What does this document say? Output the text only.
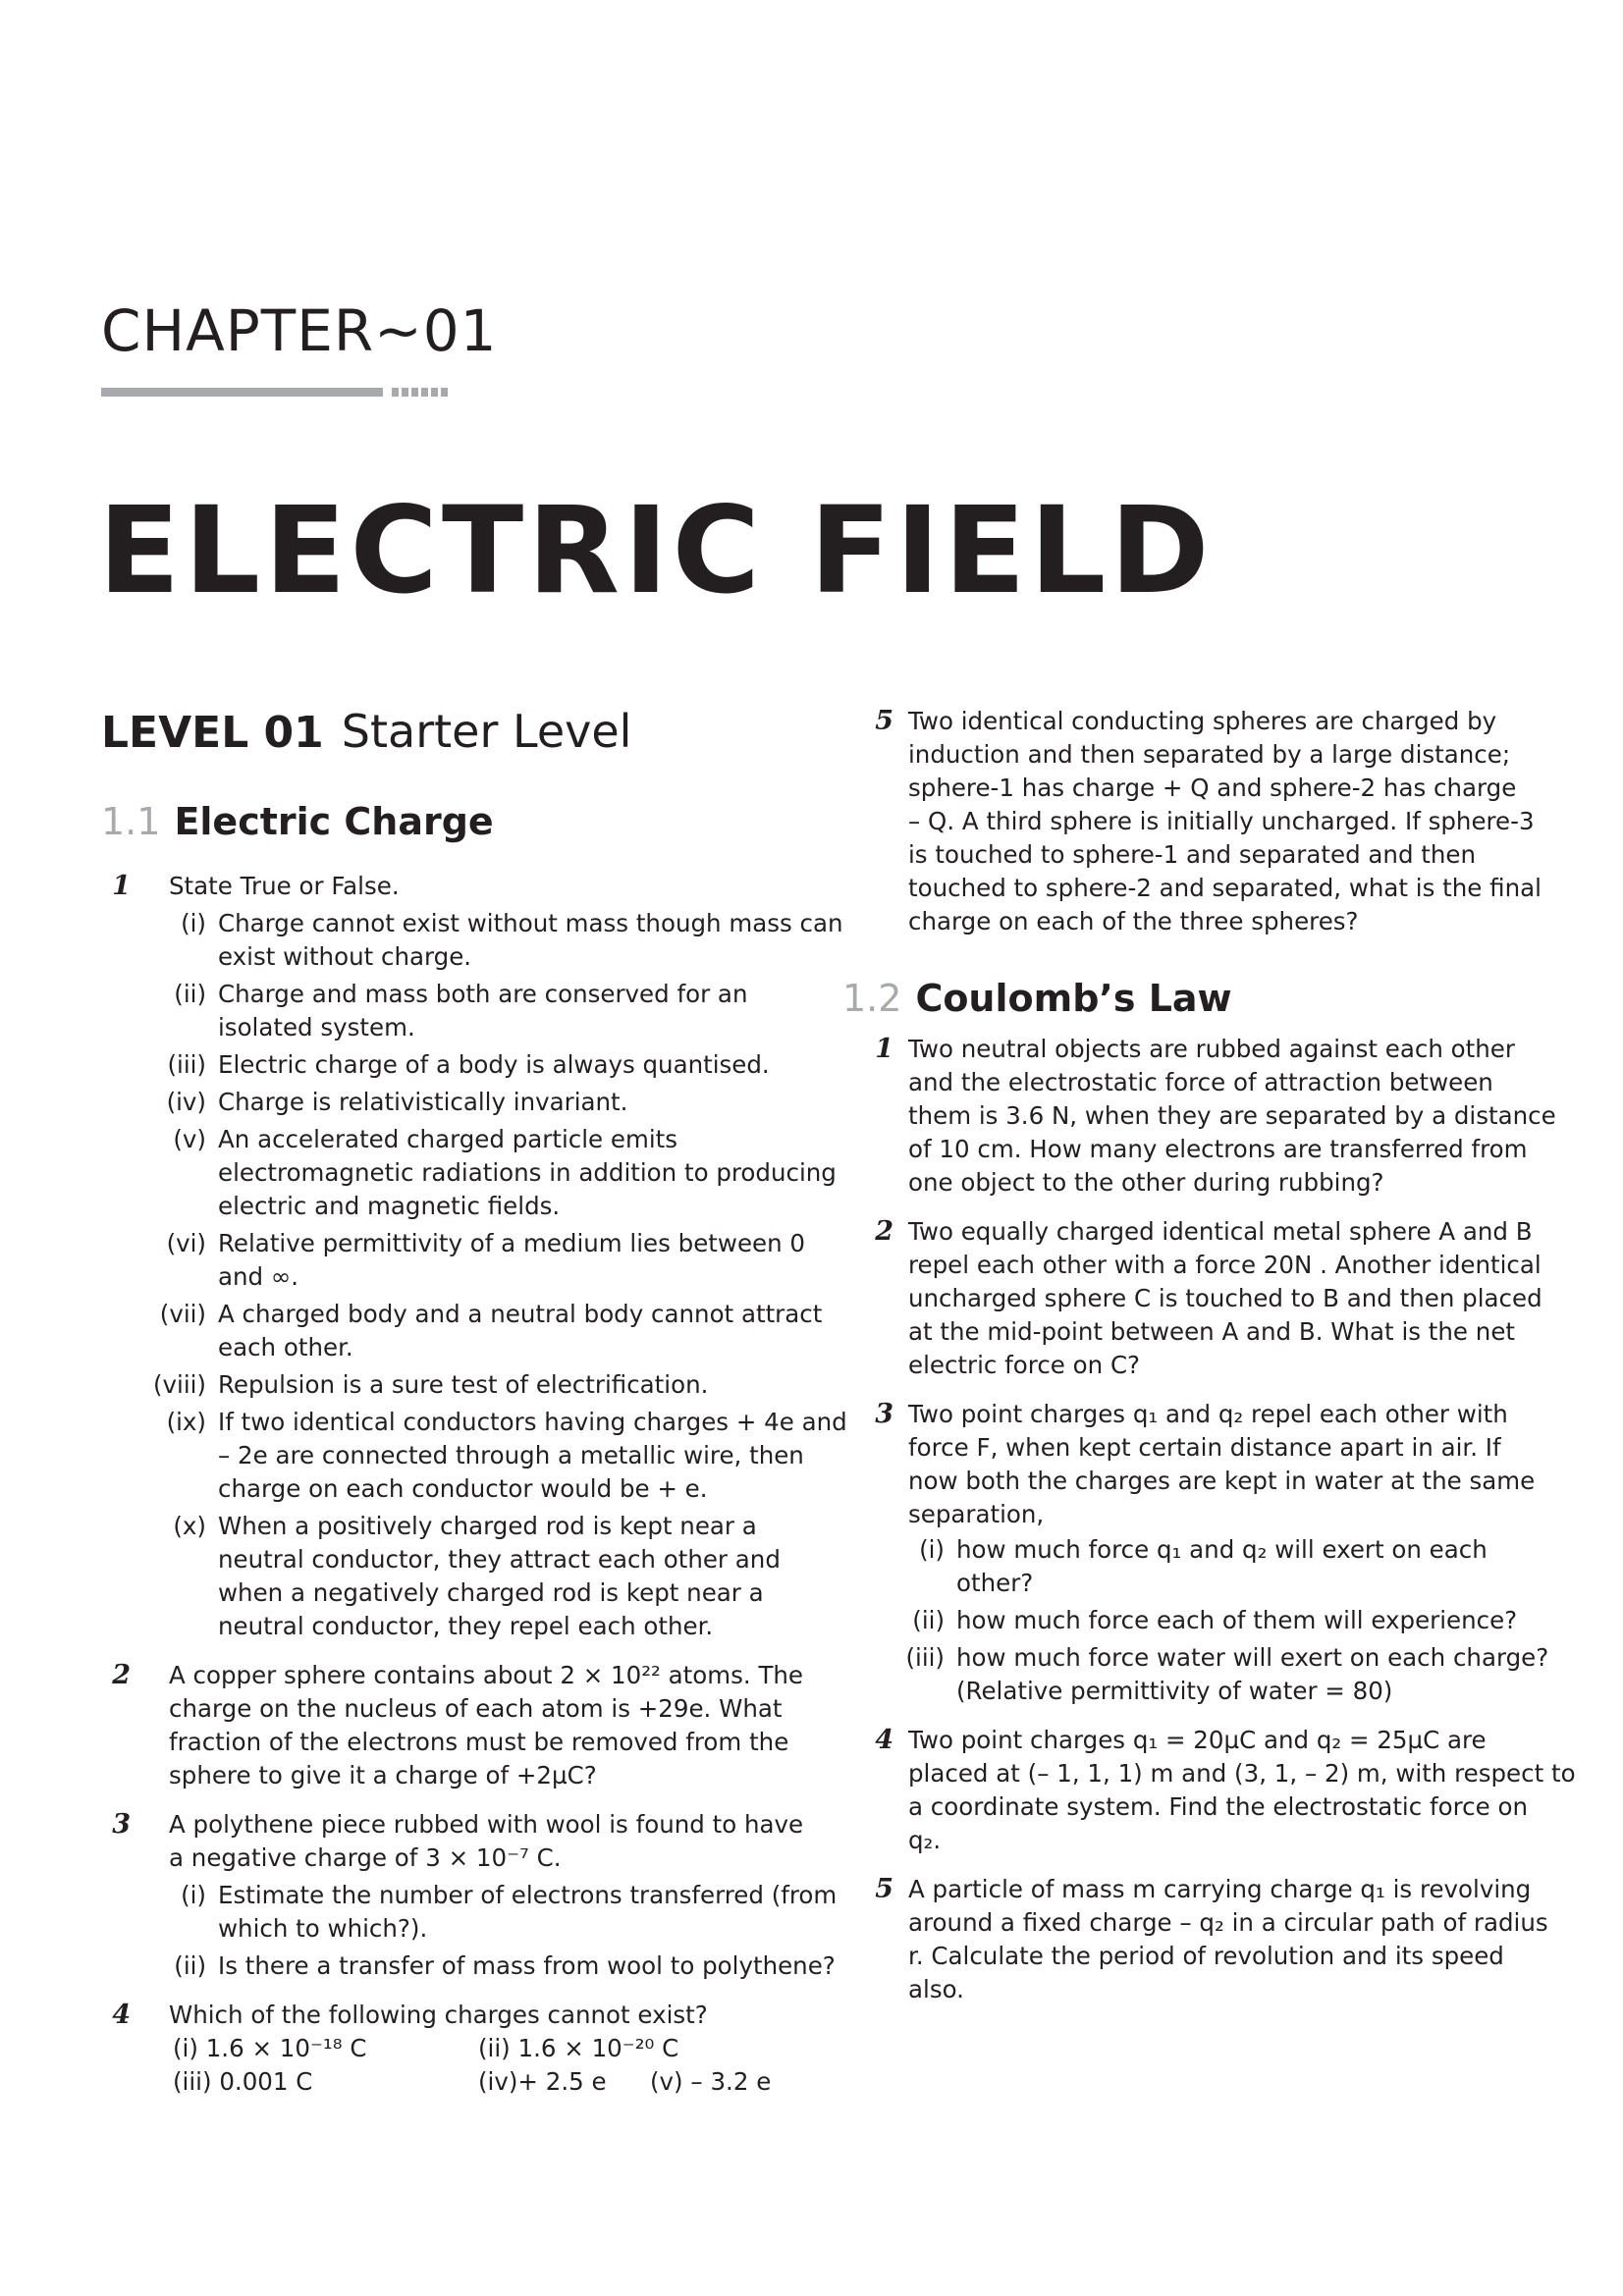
CHAPTER~01
ELECTRIC FIELD
LEVEL 01 Starter Level
1.1 Electric Charge
1 State True or False.
(i) Charge cannot exist without mass though mass can
exist without charge.
(ii) Charge and mass both are conserved for an
isolated system.
(iii) Electric charge of a body is always quantised.
(iv) Charge is relativistically invariant.
(v) An accelerated charged particle emits
electromagnetic radiations in addition to producing
electric and magnetic fields.
(vi) Relative permittivity of a medium lies between 0
and ∞.
(vii) A charged body and a neutral body cannot attract
each other.
(viii) Repulsion is a sure test of electrification.
(ix) If two identical conductors having charges + 4e and
– 2e are connected through a metallic wire, then
charge on each conductor would be + e.
(x) When a positively charged rod is kept near a
neutral conductor, they attract each other and
when a negatively charged rod is kept near a
neutral conductor, they repel each other.
2 A copper sphere contains about 2 × 10²² atoms. The
charge on the nucleus of each atom is +29e. What
fraction of the electrons must be removed from the
sphere to give it a charge of +2µC?
3 A polythene piece rubbed with wool is found to have
a negative charge of 3 × 10⁻⁷ C.
(i) Estimate the number of electrons transferred (from
which to which?).
(ii) Is there a transfer of mass from wool to polythene?
4 Which of the following charges cannot exist?
(i) 1.6 × 10⁻¹⁸ C	(ii) 1.6 × 10⁻²⁰ C
(iii) 0.001 C	(iv)+ 2.5 e (v) – 3.2 e
1.2 Coulomb’s Law
5 Two identical conducting spheres are charged by
induction and then separated by a large distance;
sphere-1 has charge + Q and sphere-2 has charge
– Q. A third sphere is initially uncharged. If sphere-3
is touched to sphere-1 and separated and then
touched to sphere-2 and separated, what is the final
charge on each of the three spheres?
1 Two neutral objects are rubbed against each other
and the electrostatic force of attraction between
them is 3.6 N, when they are separated by a distance
of 10 cm. How many electrons are transferred from
one object to the other during rubbing?
2 Two equally charged identical metal sphere A and B
repel each other with a force 20N . Another identical
uncharged sphere C is touched to B and then placed
at the mid-point between A and B. What is the net
electric force on C?
3 Two point charges q₁ and q₂ repel each other with
force F, when kept certain distance apart in air. If
now both the charges are kept in water at the same
separation,
(i) how much force q₁ and q₂ will exert on each
other?
(ii) how much force each of them will experience?
(iii) how much force water will exert on each charge?
(Relative permittivity of water = 80)
4 Two point charges q₁ = 20µC and q₂ = 25µC are
placed at (– 1, 1, 1) m and (3, 1, – 2) m, with respect to
a coordinate system. Find the electrostatic force on
q₂.
5 A particle of mass m carrying charge q₁ is revolving
around a fixed charge – q₂ in a circular path of radius
r. Calculate the period of revolution and its speed
also.
